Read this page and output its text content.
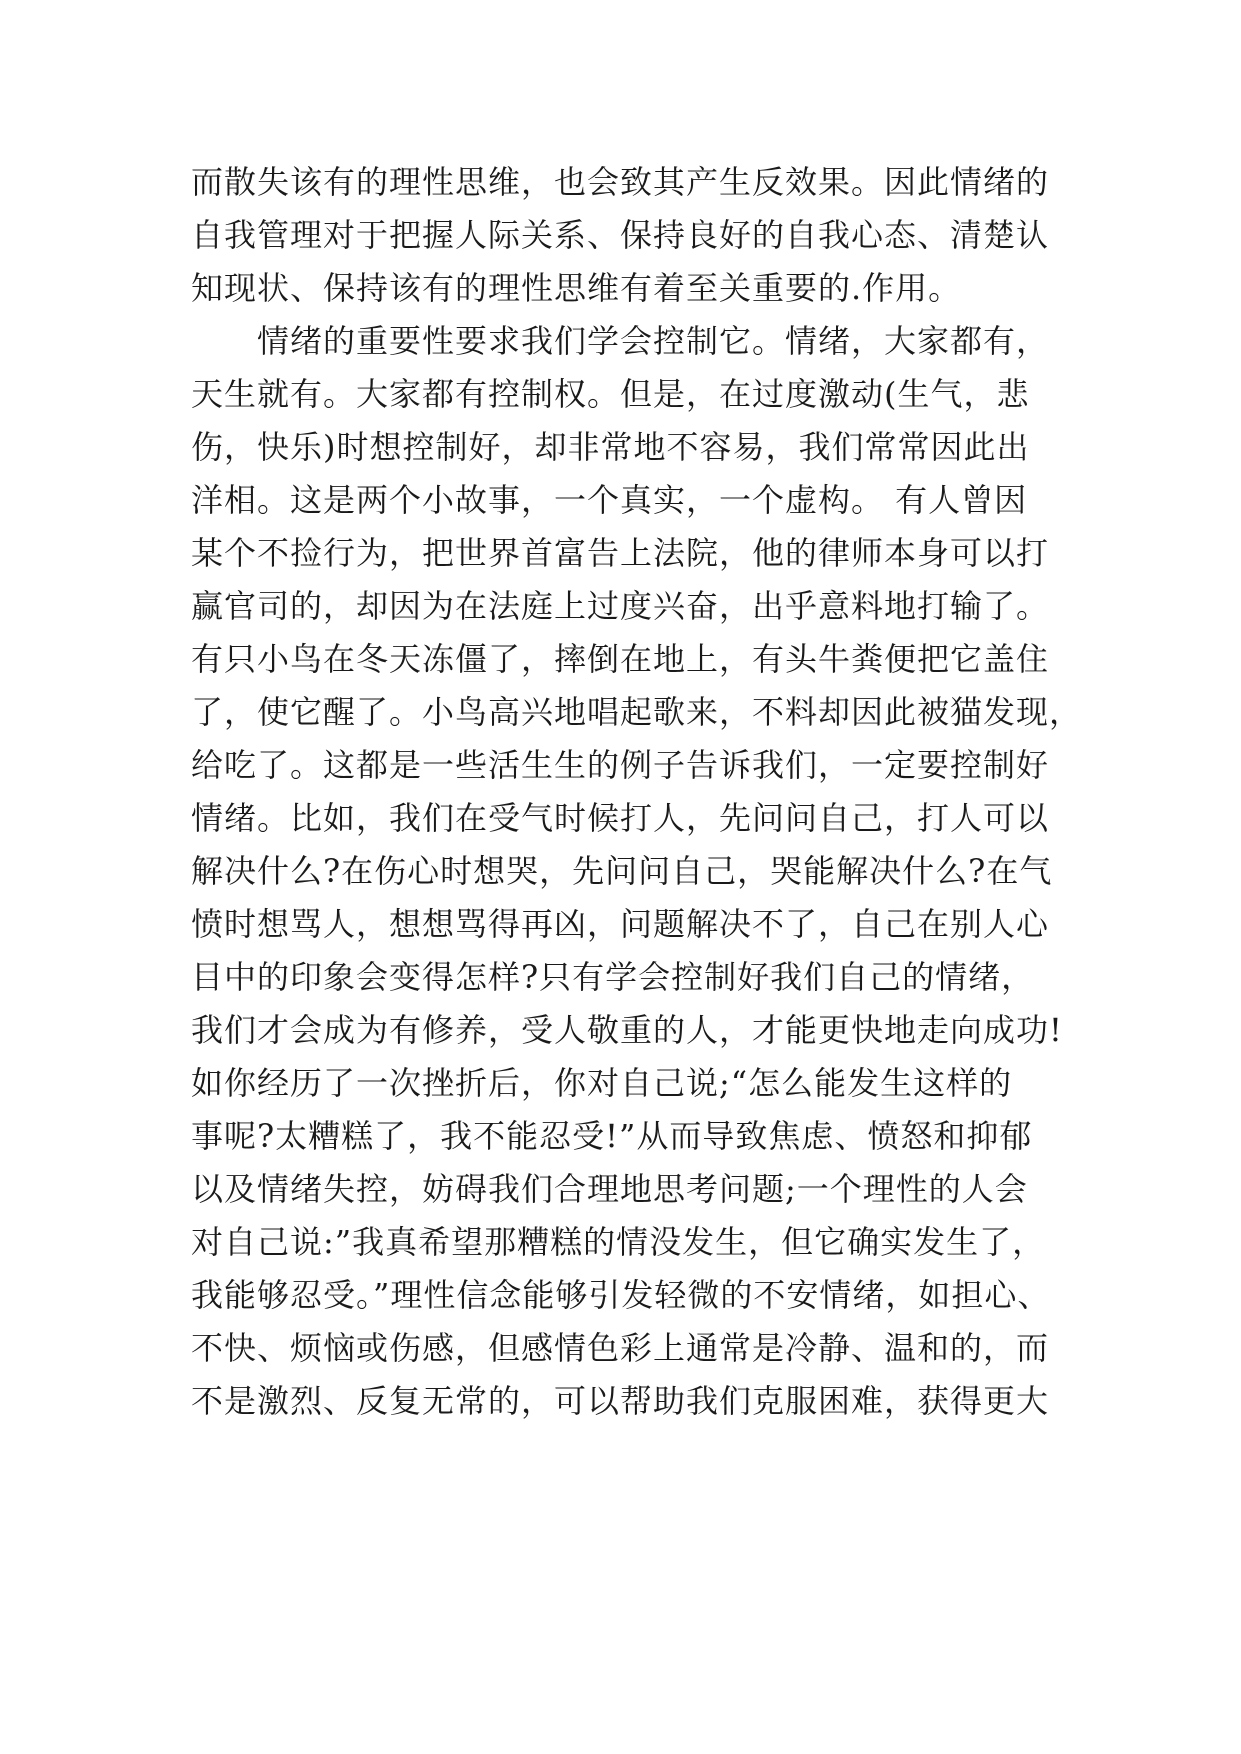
而散失该有的理性思维，也会致其产生反效果。因此情绪的
自我管理对于把握人际关系、保持良好的自我心态、清楚认
知现状、保持该有的理性思维有着至关重要的.作用。
情绪的重要性要求我们学会控制它。情绪，大家都有，
天生就有。大家都有控制权。但是，在过度激动(生气，悲
伤，快乐)时想控制好，却非常地不容易，我们常常因此出
洋相。这是两个小故事，一个真实，一个虚构。 有人曾因
某个不捡行为，把世界首富告上法院，他的律师本身可以打
赢官司的，却因为在法庭上过度兴奋，出乎意料地打输了。
有只小鸟在冬天冻僵了，摔倒在地上，有头牛粪便把它盖住
了，使它醒了。小鸟高兴地唱起歌来，不料却因此被猫发现，
给吃了。这都是一些活生生的例子告诉我们，一定要控制好
情绪。比如，我们在受气时候打人，先问问自己，打人可以
解决什么?在伤心时想哭，先问问自己，哭能解决什么?在气
愤时想骂人，想想骂得再凶，问题解决不了，自己在别人心
目中的印象会变得怎样?只有学会控制好我们自己的情绪，
我们才会成为有修养，受人敬重的人，才能更快地走向成功!
如你经历了一次挫折后，你对自己说;“怎么能发生这样的
事呢?太糟糕了，我不能忍受!”从而导致焦虑、愤怒和抑郁
以及情绪失控，妨碍我们合理地思考问题;一个理性的人会
对自己说:”我真希望那糟糕的情没发生，但它确实发生了，
我能够忍受。”理性信念能够引发轻微的不安情绪，如担心、
不快、烦恼或伤感，但感情色彩上通常是冷静、温和的，而
不是激烈、反复无常的，可以帮助我们克服困难，获得更大
